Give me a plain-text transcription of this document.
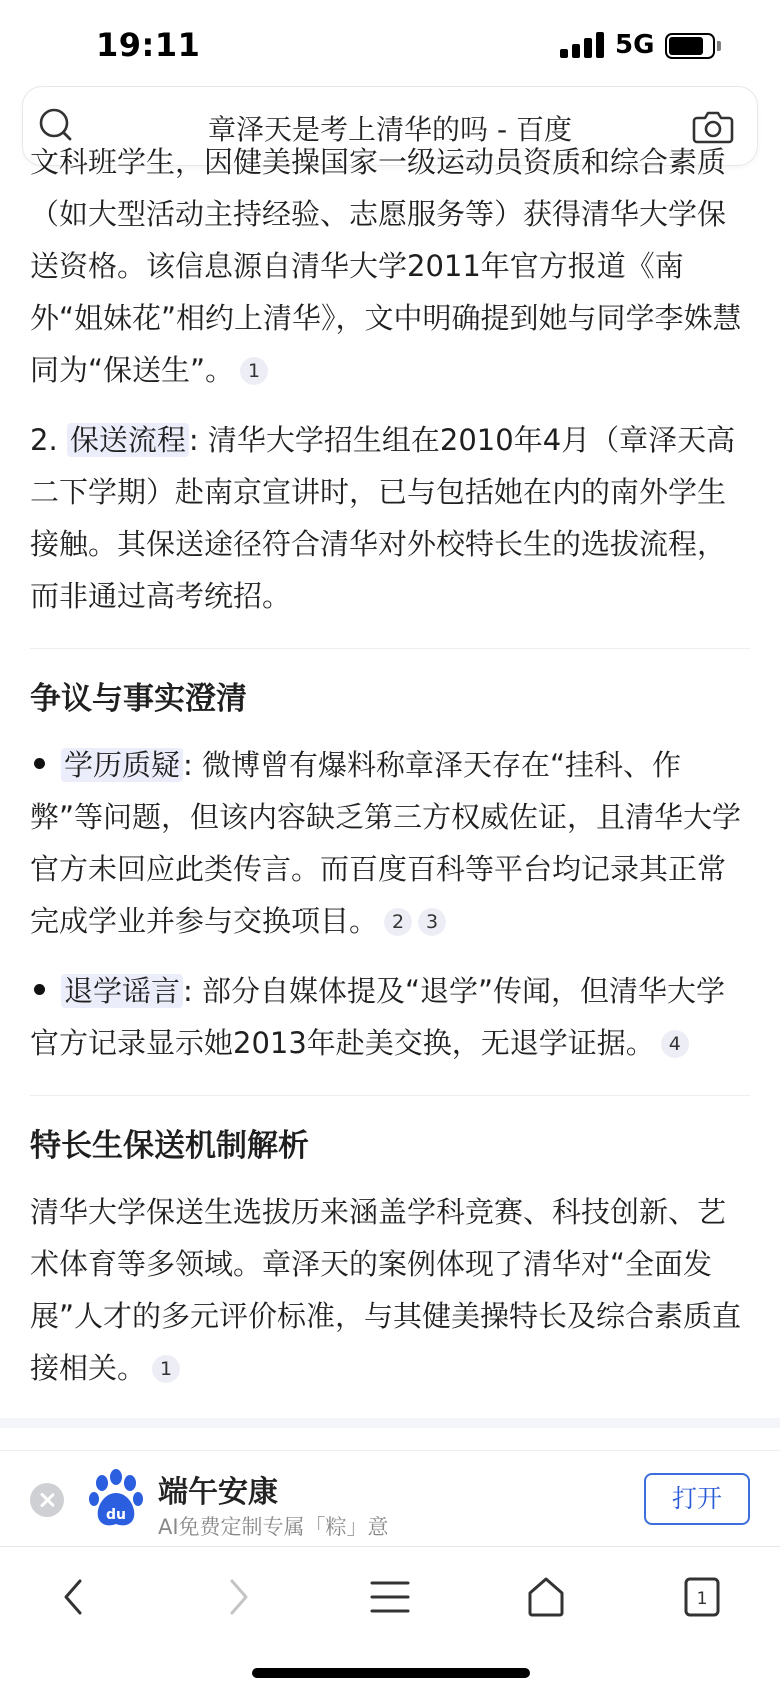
19:11	5G
章泽天是考上清华的吗 - 百度
文科班学生，因健美操国家一级运动员资质和综合素质
（如大型活动主持经验、志愿服务等）获得清华大学保送资格。该信息源自清华大学2011年官方报道《南外“姐妹花”相约上清华》，文中明确提到她与同学李姝慧同为“保送生”。 1
2. 保送流程 : 清华大学招生组在2010年4月（章泽天高二下学期）赴南京宣讲时，已与包括她在内的南外学生接触。其保送途径符合清华对外校特长生的选拔流程，而非通过高考统招。
争议与事实澄清
学历质疑 : 微博曾有爆料称章泽天存在“挂科、作弊”等问题，但该内容缺乏第三方权威佐证，且清华大学官方未回应此类传言。而百度百科等平台均记录其正常完成学业并参与交换项目。 2 3
退学谣言 : 部分自媒体提及“退学”传闻，但清华大学官方记录显示她2013年赴美交换，无退学证据。 4
特长生保送机制解析
清华大学保送生选拔历来涵盖学科竞赛、科技创新、艺术体育等多领域。章泽天的案例体现了清华对“全面发展”人才的多元评价标准，与其健美操特长及综合素质直接相关。 1
du
端午安康
AI免费定制专属「粽」意
打开
1
